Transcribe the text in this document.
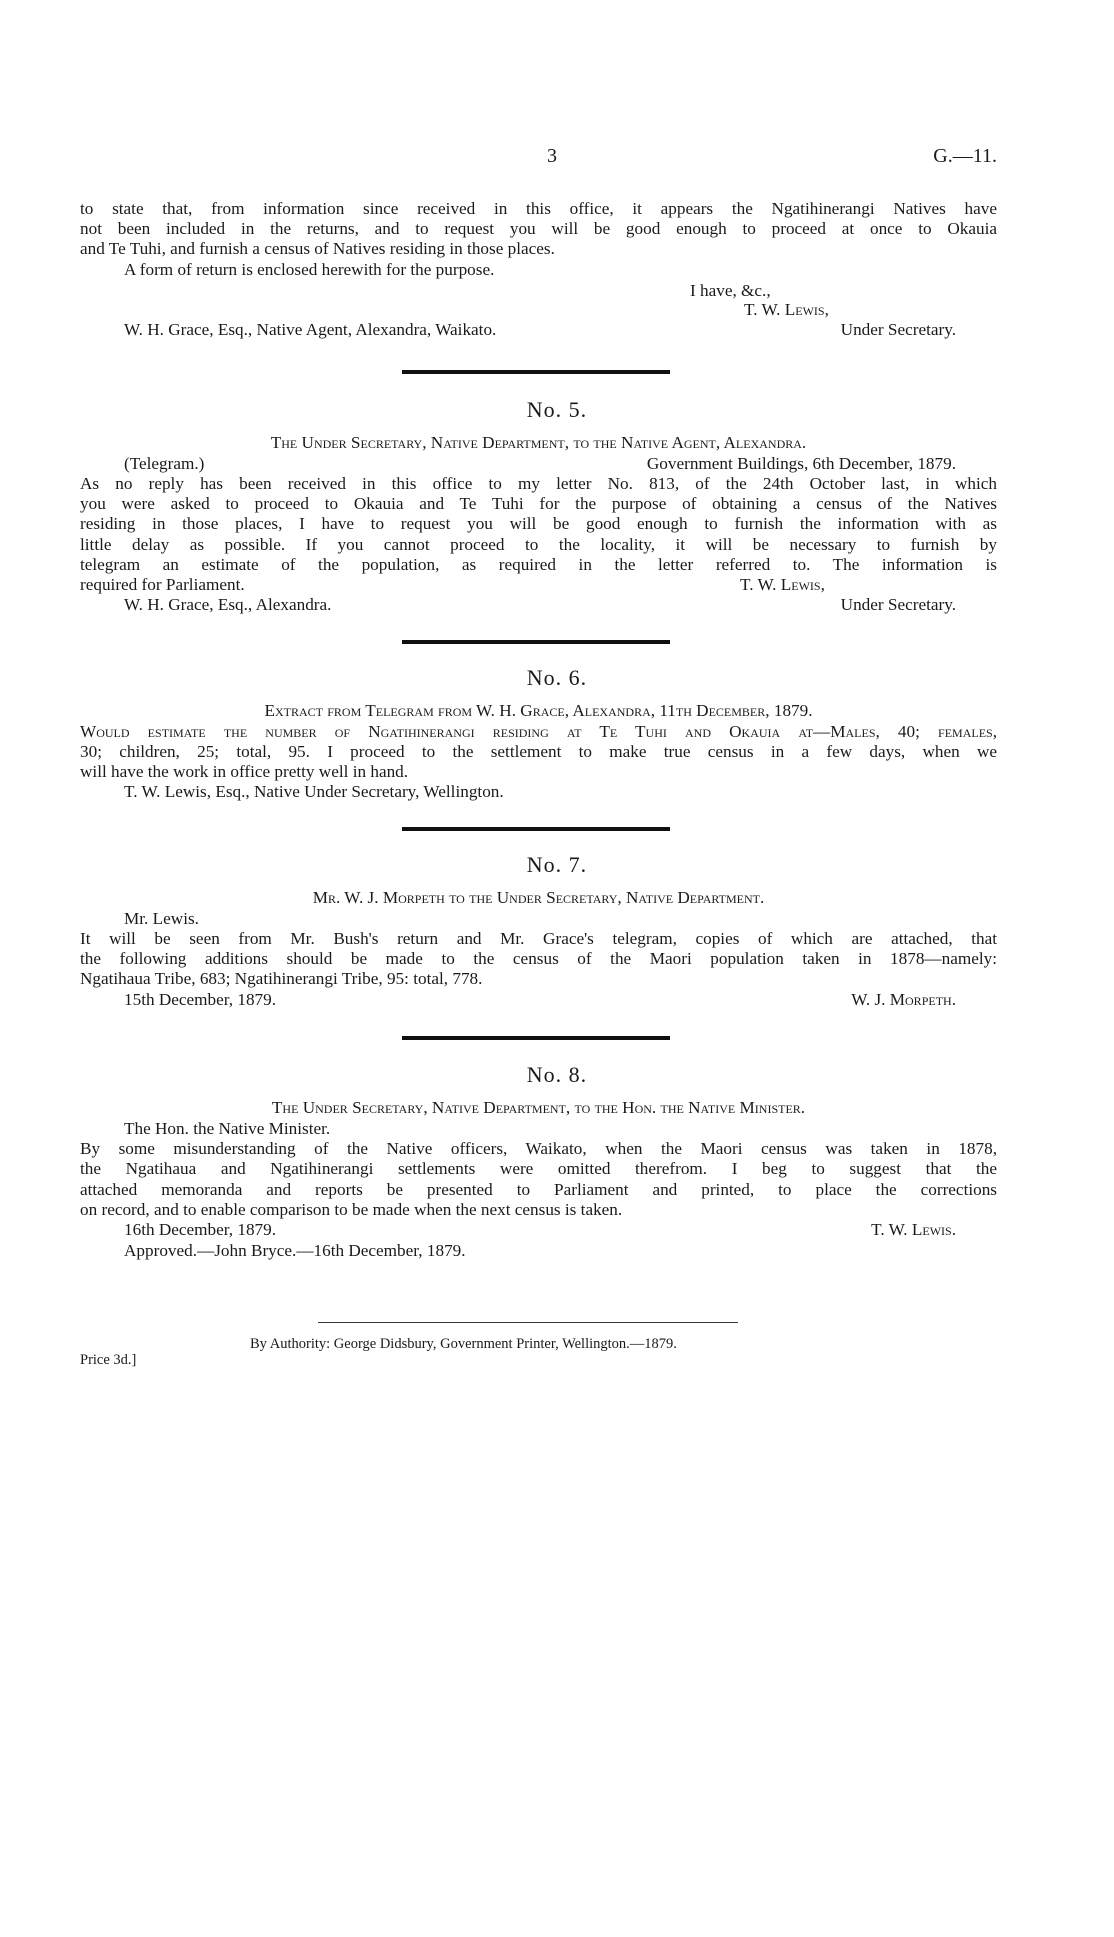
3	G.—11.
to state that, from information since received in this office, it appears the Ngatihinerangi Natives have
not been included in the returns, and to request you will be good enough to proceed at once to Okauia
and Te Tuhi, and furnish a census of Natives residing in those places.
A form of return is enclosed herewith for the purpose.
I have, &c.,
T. W. Lewis,
W. H. Grace, Esq., Native Agent, Alexandra, Waikato.	Under Secretary.
No. 5.
The Under Secretary, Native Department, to the Native Agent, Alexandra.
(Telegram.)	Government Buildings, 6th December, 1879.
As no reply has been received in this office to my letter No. 813, of the 24th October last, in which
you were asked to proceed to Okauia and Te Tuhi for the purpose of obtaining a census of the Natives
residing in those places, I have to request you will be good enough to furnish the information with as
little delay as possible. If you cannot proceed to the locality, it will be necessary to furnish by
telegram an estimate of the population, as required in the letter referred to. The information is
required for Parliament.	T. W. Lewis,
W. H. Grace, Esq., Alexandra.	Under Secretary.
No. 6.
Extract from Telegram from W. H. Grace, Alexandra, 11th December, 1879.
Would estimate the number of Ngatihinerangi residing at Te Tuhi and Okauia at—Males, 40; females,
30; children, 25; total, 95. I proceed to the settlement to make true census in a few days, when we
will have the work in office pretty well in hand.
T. W. Lewis, Esq., Native Under Secretary, Wellington.
No. 7.
Mr. W. J. Morpeth to the Under Secretary, Native Department.
Mr. Lewis.
It will be seen from Mr. Bush's return and Mr. Grace's telegram, copies of which are attached, that
the following additions should be made to the census of the Maori population taken in 1878—namely:
Ngatihaua Tribe, 683; Ngatihinerangi Tribe, 95: total, 778.
15th December, 1879.	W. J. Morpeth.
No. 8.
The Under Secretary, Native Department, to the Hon. the Native Minister.
The Hon. the Native Minister.
By some misunderstanding of the Native officers, Waikato, when the Maori census was taken in 1878,
the Ngatihaua and Ngatihinerangi settlements were omitted therefrom. I beg to suggest that the
attached memoranda and reports be presented to Parliament and printed, to place the corrections
on record, and to enable comparison to be made when the next census is taken.
16th December, 1879.	T. W. Lewis.
Approved.—John Bryce.—16th December, 1879.
By Authority: George Didsbury, Government Printer, Wellington.—1879.
Price 3d.]
